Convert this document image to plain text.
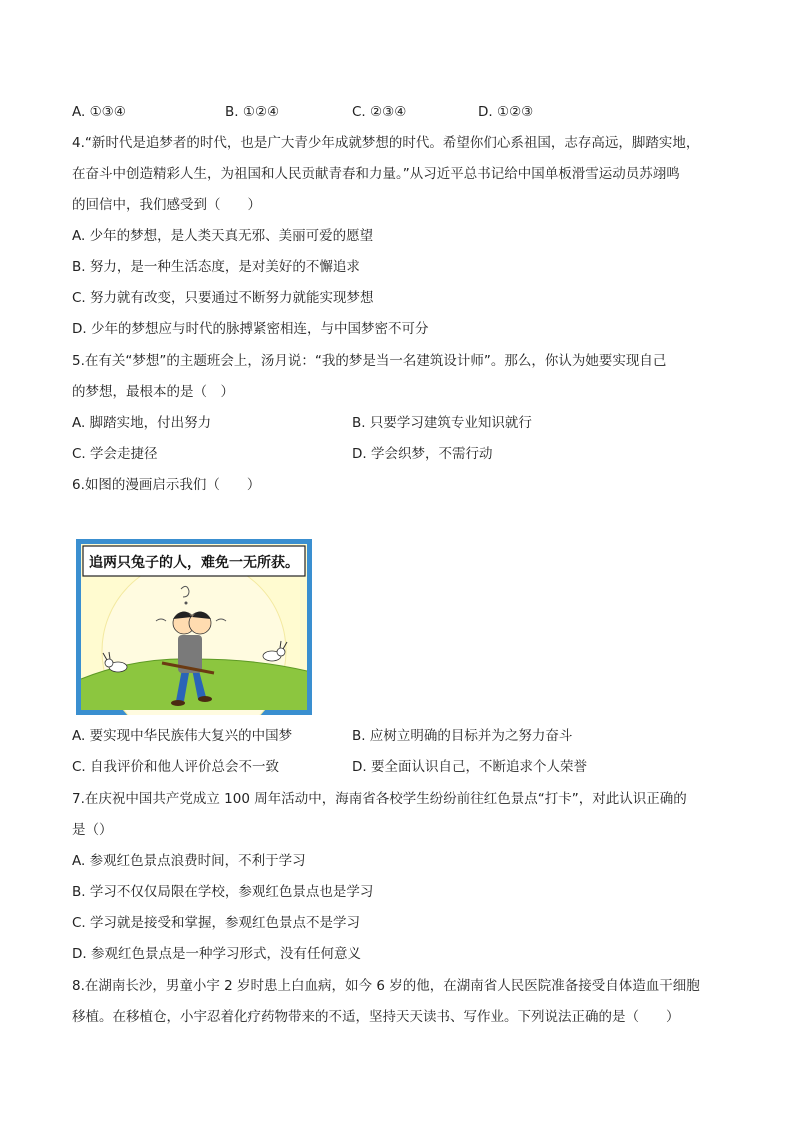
A. ①③④	B. ①②④	C. ②③④	D. ①②③
4.“新时代是追梦者的时代，也是广大青少年成就梦想的时代。希望你们心系祖国，志存高远，脚踏实地，
在奋斗中创造精彩人生，为祖国和人民贡献青春和力量。”从习近平总书记给中国单板滑雪运动员苏翊鸣
的回信中，我们感受到（　　）
A. 少年的梦想，是人类天真无邪、美丽可爱的愿望
B. 努力，是一种生活态度，是对美好的不懈追求
C. 努力就有改变，只要通过不断努力就能实现梦想
D. 少年的梦想应与时代的脉搏紧密相连，与中国梦密不可分
5.在有关“梦想”的主题班会上，汤月说：“我的梦是当一名建筑设计师”。那么，你认为她要实现自己
的梦想，最根本的是（　）
A. 脚踏实地，付出努力	B. 只要学习建筑专业知识就行
C. 学会走捷径	D. 学会织梦，不需行动
6.如图的漫画启示我们（　　）
追两只兔子的人，难免一无所获。
A. 要实现中华民族伟大复兴的中国梦	B. 应树立明确的目标并为之努力奋斗
C. 自我评价和他人评价总会不一致	D. 要全面认识自己，不断追求个人荣誉
7.在庆祝中国共产党成立 100 周年活动中，海南省各校学生纷纷前往红色景点“打卡”，对此认识正确的
是（）
A. 参观红色景点浪费时间，不利于学习
B. 学习不仅仅局限在学校，参观红色景点也是学习
C. 学习就是接受和掌握，参观红色景点不是学习
D. 参观红色景点是一种学习形式，没有任何意义
8.在湖南长沙，男童小宇 2 岁时患上白血病，如今 6 岁的他，在湖南省人民医院准备接受自体造血干细胞
移植。在移植仓，小宇忍着化疗药物带来的不适，坚持天天读书、写作业。下列说法正确的是（　　）
